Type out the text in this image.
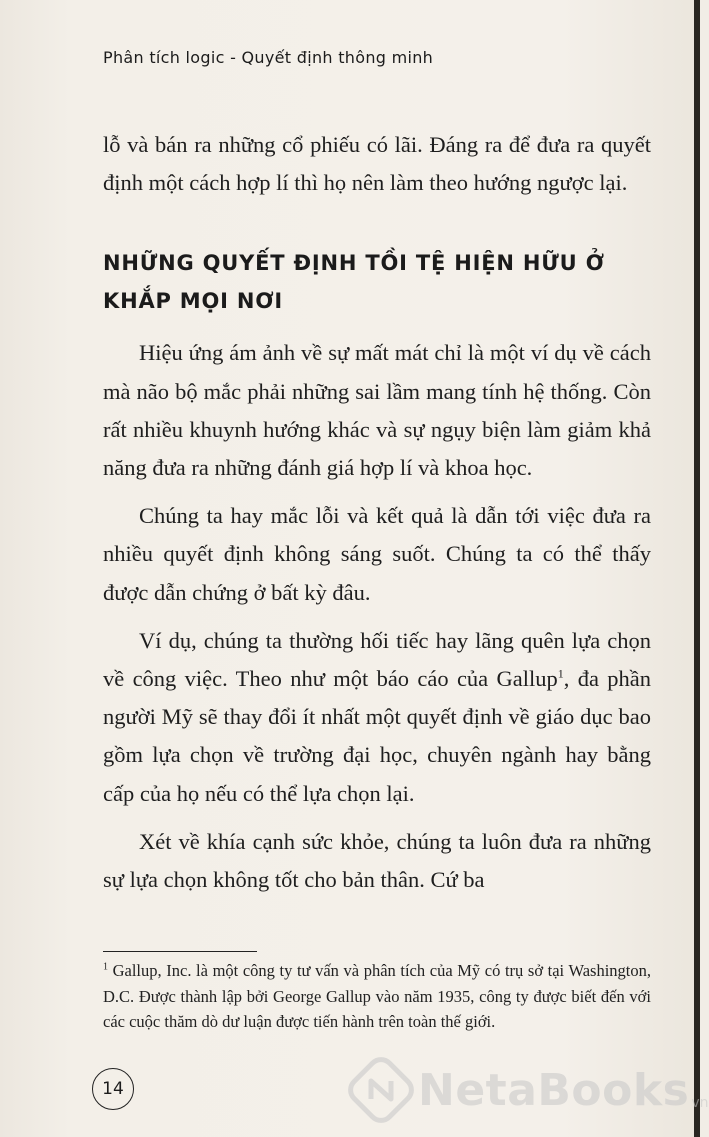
Phân tích logic - Quyết định thông minh

lỗ và bán ra những cổ phiếu có lãi. Đáng ra để đưa ra quyết định một cách hợp lí thì họ nên làm theo hướng ngược lại.

NHỮNG QUYẾT ĐỊNH TỒI TỆ HIỆN HỮU Ở KHẮP MỌI NƠI

Hiệu ứng ám ảnh về sự mất mát chỉ là một ví dụ về cách mà não bộ mắc phải những sai lầm mang tính hệ thống. Còn rất nhiều khuynh hướng khác và sự ngụy biện làm giảm khả năng đưa ra những đánh giá hợp lí và khoa học.

Chúng ta hay mắc lỗi và kết quả là dẫn tới việc đưa ra nhiều quyết định không sáng suốt. Chúng ta có thể thấy được dẫn chứng ở bất kỳ đâu.

Ví dụ, chúng ta thường hối tiếc hay lãng quên lựa chọn về công việc. Theo như một báo cáo của Gallup$^1$, đa phần người Mỹ sẽ thay đổi ít nhất một quyết định về giáo dục bao gồm lựa chọn về trường đại học, chuyên ngành hay bằng cấp của họ nếu có thể lựa chọn lại.

Xét về khía cạnh sức khỏe, chúng ta luôn đưa ra những sự lựa chọn không tốt cho bản thân. Cứ ba

$^1$ Gallup, Inc. là một công ty tư vấn và phân tích của Mỹ có trụ sở tại Washington, D.C. Được thành lập bởi George Gallup vào năm 1935, công ty được biết đến với các cuộc thăm dò dư luận được tiến hành trên toàn thế giới.
14	NetaBooks vn
